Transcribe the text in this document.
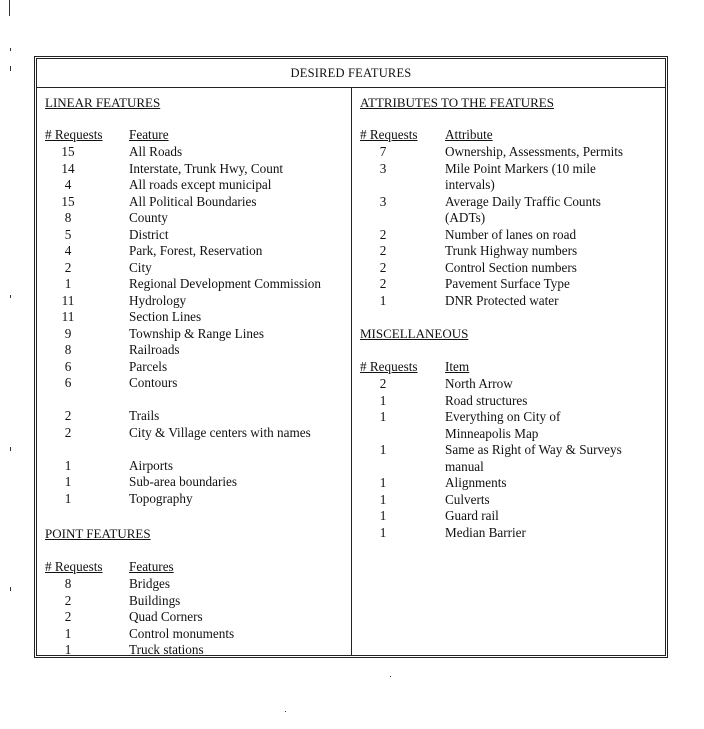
DESIRED FEATURES
LINEAR FEATURES
# Requests Feature
15	All Roads
14	Interstate, Trunk Hwy, Count
4	All roads except municipal
15	All Political Boundaries
8	County
5	District
4	Park, Forest, Reservation
2	City
1	Regional Development Commission
11	Hydrology
11	Section Lines
9	Township & Range Lines
8	Railroads
6	Parcels
6	Contours
2	Trails
2	City & Village centers with names
1	Airports
1	Sub-area boundaries
1	Topography
POINT FEATURES
# Requests Features
8	Bridges
2	Buildings
2	Quad Corners
1	Control monuments
1	Truck stations
ATTRIBUTES TO THE FEATURES
# Requests Attribute
7	Ownership, Assessments, Permits
3	Mile Point Markers (10 mile
intervals)
3	Average Daily Traffic Counts
(ADTs)
2	Number of lanes on road
2	Trunk Highway numbers
2	Control Section numbers
2	Pavement Surface Type
1	DNR Protected water
MISCELLANEOUS
# Requests Item
2	North Arrow
1	Road structures
1	Everything on City of
Minneapolis Map
1	Same as Right of Way & Surveys
manual
1	Alignments
1	Culverts
1	Guard rail
1	Median Barrier
